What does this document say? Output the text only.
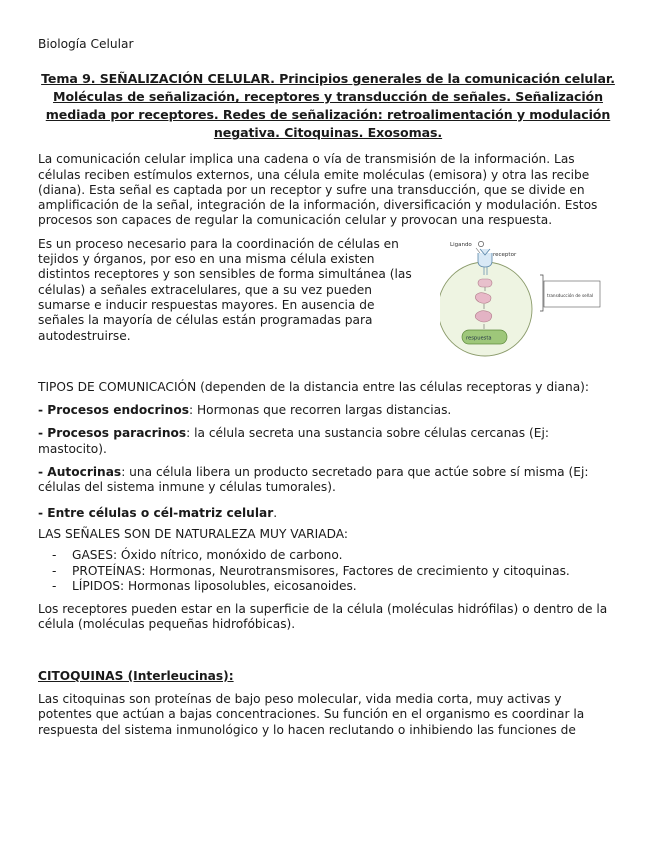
Biología Celular
Tema 9. SEÑALIZACIÓN CELULAR. Principios generales de la comunicación celular. Moléculas de señalización, receptores y transducción de señales. Señalización mediada por receptores. Redes de señalización: retroalimentación y modulación negativa. Citoquinas. Exosomas.

La comunicación celular implica una cadena o vía de transmisión de la información. Las células reciben estímulos externos, una célula emite moléculas (emisora) y otra las recibe (diana). Esta señal es captada por un receptor y sufre una transducción, que se divide en amplificación de la señal, integración de la información, diversificación y modulación. Estos procesos son capaces de regular la comunicación celular y provocan una respuesta.

Ligando
receptor
respuesta
transducción de señal

Es un proceso necesario para la coordinación de células en tejidos y órganos, por eso en una misma célula existen distintos receptores y son sensibles de forma simultánea (las células) a señales extracelulares, que a su vez pueden sumarse e inducir respuestas mayores. En ausencia de señales la mayoría de células están programadas para autodestruirse.

TIPOS DE COMUNICACIÓN (dependen de la distancia entre las células receptoras y diana):

- Procesos endocrinos: Hormonas que recorren largas distancias.

- Procesos paracrinos: la célula secreta una sustancia sobre células cercanas (Ej: mastocito).

- Autocrinas: una célula libera un producto secretado para que actúe sobre sí misma (Ej: células del sistema inmune y células tumorales).

- Entre células o cél-matriz celular.

LAS SEÑALES SON DE NATURALEZA MUY VARIADA:

- GASES: Óxido nítrico, monóxido de carbono.
- PROTEÍNAS: Hormonas, Neurotransmisores, Factores de crecimiento y citoquinas.
- LÍPIDOS: Hormonas liposolubles, eicosanoides.

Los receptores pueden estar en la superficie de la célula (moléculas hidrófilas) o dentro de la célula (moléculas pequeñas hidrofóbicas).

CITOQUINAS (Interleucinas):

Las citoquinas son proteínas de bajo peso molecular, vida media corta, muy activas y potentes que actúan a bajas concentraciones. Su función en el organismo es coordinar la respuesta del sistema inmunológico y lo hacen reclutando o inhibiendo las funciones de
